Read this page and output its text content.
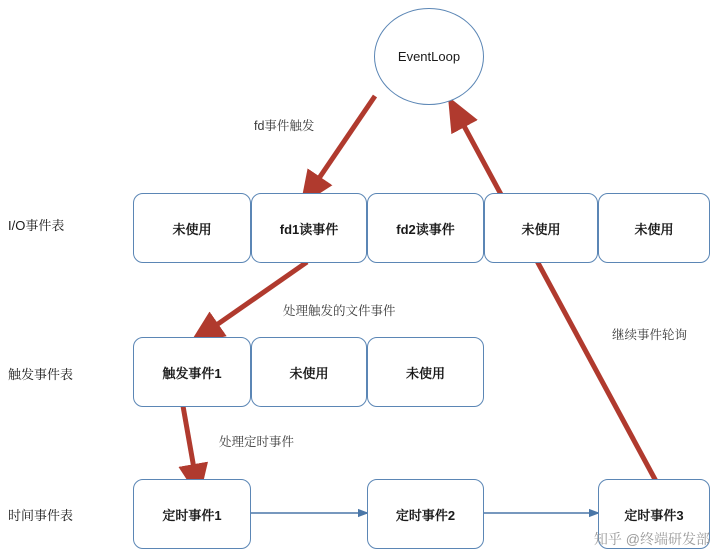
EventLoop
I/O事件表
触发事件表
时间事件表
未使用	fd1读事件	fd2读事件	未使用	未使用
触发事件1	未使用	未使用
定时事件1	定时事件2	定时事件3
fd事件触发
处理触发的文件事件
处理定时事件
继续事件轮询
知乎 @终端研发部
